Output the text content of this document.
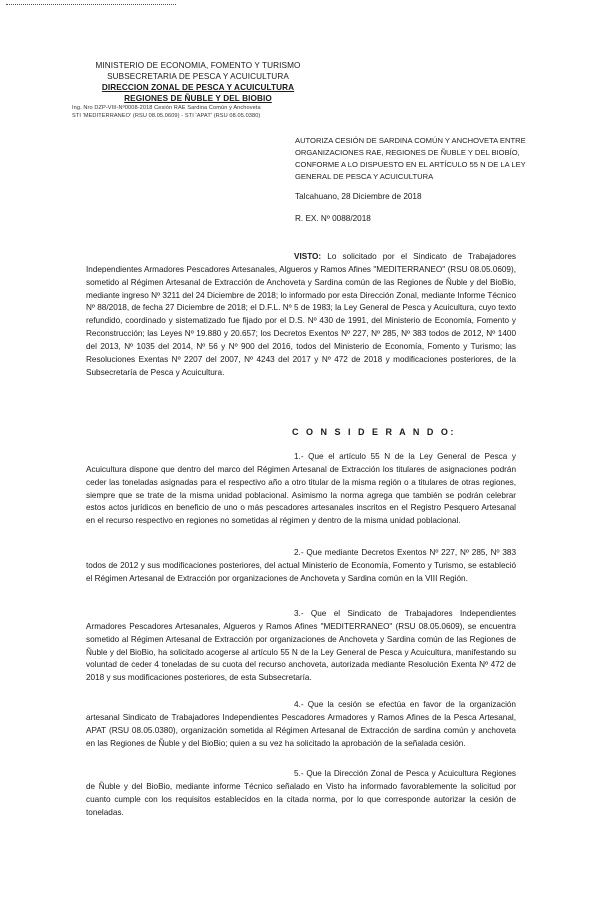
MINISTERIO DE ECONOMIA, FOMENTO Y TURISMO
SUBSECRETARIA DE PESCA Y ACUICULTURA
DIRECCION ZONAL DE PESCA Y ACUICULTURA
REGIONES DE ÑUBLE Y DEL BIOBIO
Ing. Nro DZP-VIII-Nº0008-2018 Cesión RAE Sardina Común y Anchoveta
STI 'MEDITERRANEO' (RSU 08.05.0609) - STI 'APAT' (RSU 08.05.0380)
AUTORIZA CESIÓN DE SARDINA COMÚN Y ANCHOVETA ENTRE ORGANIZACIONES RAE, REGIONES DE ÑUBLE Y DEL BIOBÍO, CONFORME A LO DISPUESTO EN EL ARTÍCULO 55 N DE LA LEY GENERAL DE PESCA Y ACUICULTURA
Talcahuano, 28 Diciembre de 2018
R. EX. Nº 0088/2018

VISTO: Lo solicitado por el Sindicato de Trabajadores Independientes Armadores Pescadores Artesanales, Algueros y Ramos Afines "MEDITERRANEO" (RSU 08.05.0609), sometido al Régimen Artesanal de Extracción de Anchoveta y Sardina común de las Regiones de Ñuble y del BioBio, mediante ingreso Nº 3211 del 24 Diciembre de 2018; lo informado por esta Dirección Zonal, mediante Informe Técnico Nº 88/2018, de fecha 27 Diciembre de 2018; el D.F.L. Nº 5 de 1983; la Ley General de Pesca y Acuicultura, cuyo texto refundido, coordinado y sistematizado fue fijado por el D.S. Nº 430 de 1991, del Ministerio de Economía, Fomento y Reconstrucción; las Leyes Nº 19.880 y 20.657; los Decretos Exentos Nº 227, Nº 285, Nº 383 todos de 2012, Nº 1400 del 2013, Nº 1035 del 2014, Nº 56 y Nº 900 del 2016, todos del Ministerio de Economía, Fomento y Turismo; las Resoluciones Exentas Nº 2207 del 2007, Nº 4243 del 2017 y Nº 472 de 2018 y modificaciones posteriores, de la Subsecretaría de Pesca y Acuicultura.

C O N S I D E R A N D O:

1.- Que el artículo 55 N de la Ley General de Pesca y Acuicultura dispone que dentro del marco del Régimen Artesanal de Extracción los titulares de asignaciones podrán ceder las toneladas asignadas para el respectivo año a otro titular de la misma región o a titulares de otras regiones, siempre que se trate de la misma unidad poblacional. Asimismo la norma agrega que también se podrán celebrar estos actos jurídicos en beneficio de uno o más pescadores artesanales inscritos en el Registro Pesquero Artesanal en el recurso respectivo en regiones no sometidas al régimen y dentro de la misma unidad poblacional.

2.- Que mediante Decretos Exentos Nº 227, Nº 285, Nº 383 todos de 2012 y sus modificaciones posteriores, del actual Ministerio de Economía, Fomento y Turismo, se estableció el Régimen Artesanal de Extracción por organizaciones de Anchoveta y Sardina común en la VIII Región.

3.- Que el Sindicato de Trabajadores Independientes Armadores Pescadores Artesanales, Algueros y Ramos Afines "MEDITERRANEO" (RSU 08.05.0609), se encuentra sometido al Régimen Artesanal de Extracción por organizaciones de Anchoveta y Sardina común de las Regiones de Ñuble y del BioBio, ha solicitado acogerse al artículo 55 N de la Ley General de Pesca y Acuicultura, manifestando su voluntad de ceder 4 toneladas de su cuota del recurso anchoveta, autorizada mediante Resolución Exenta Nº 472 de 2018 y sus modificaciones posteriores, de esta Subsecretaría.

4.- Que la cesión se efectúa en favor de la organización artesanal Sindicato de Trabajadores Independientes Pescadores Armadores y Ramos Afines de la Pesca Artesanal, APAT (RSU 08.05.0380), organización sometida al Régimen Artesanal de Extracción de sardina común y anchoveta en las Regiones de Ñuble y del BioBio; quien a su vez ha solicitado la aprobación de la señalada cesión.

5.- Que la Dirección Zonal de Pesca y Acuicultura Regiones de Ñuble y del BioBio, mediante informe Técnico señalado en Visto ha informado favorablemente la solicitud por cuanto cumple con los requisitos establecidos en la citada norma, por lo que corresponde autorizar la cesión de toneladas.
